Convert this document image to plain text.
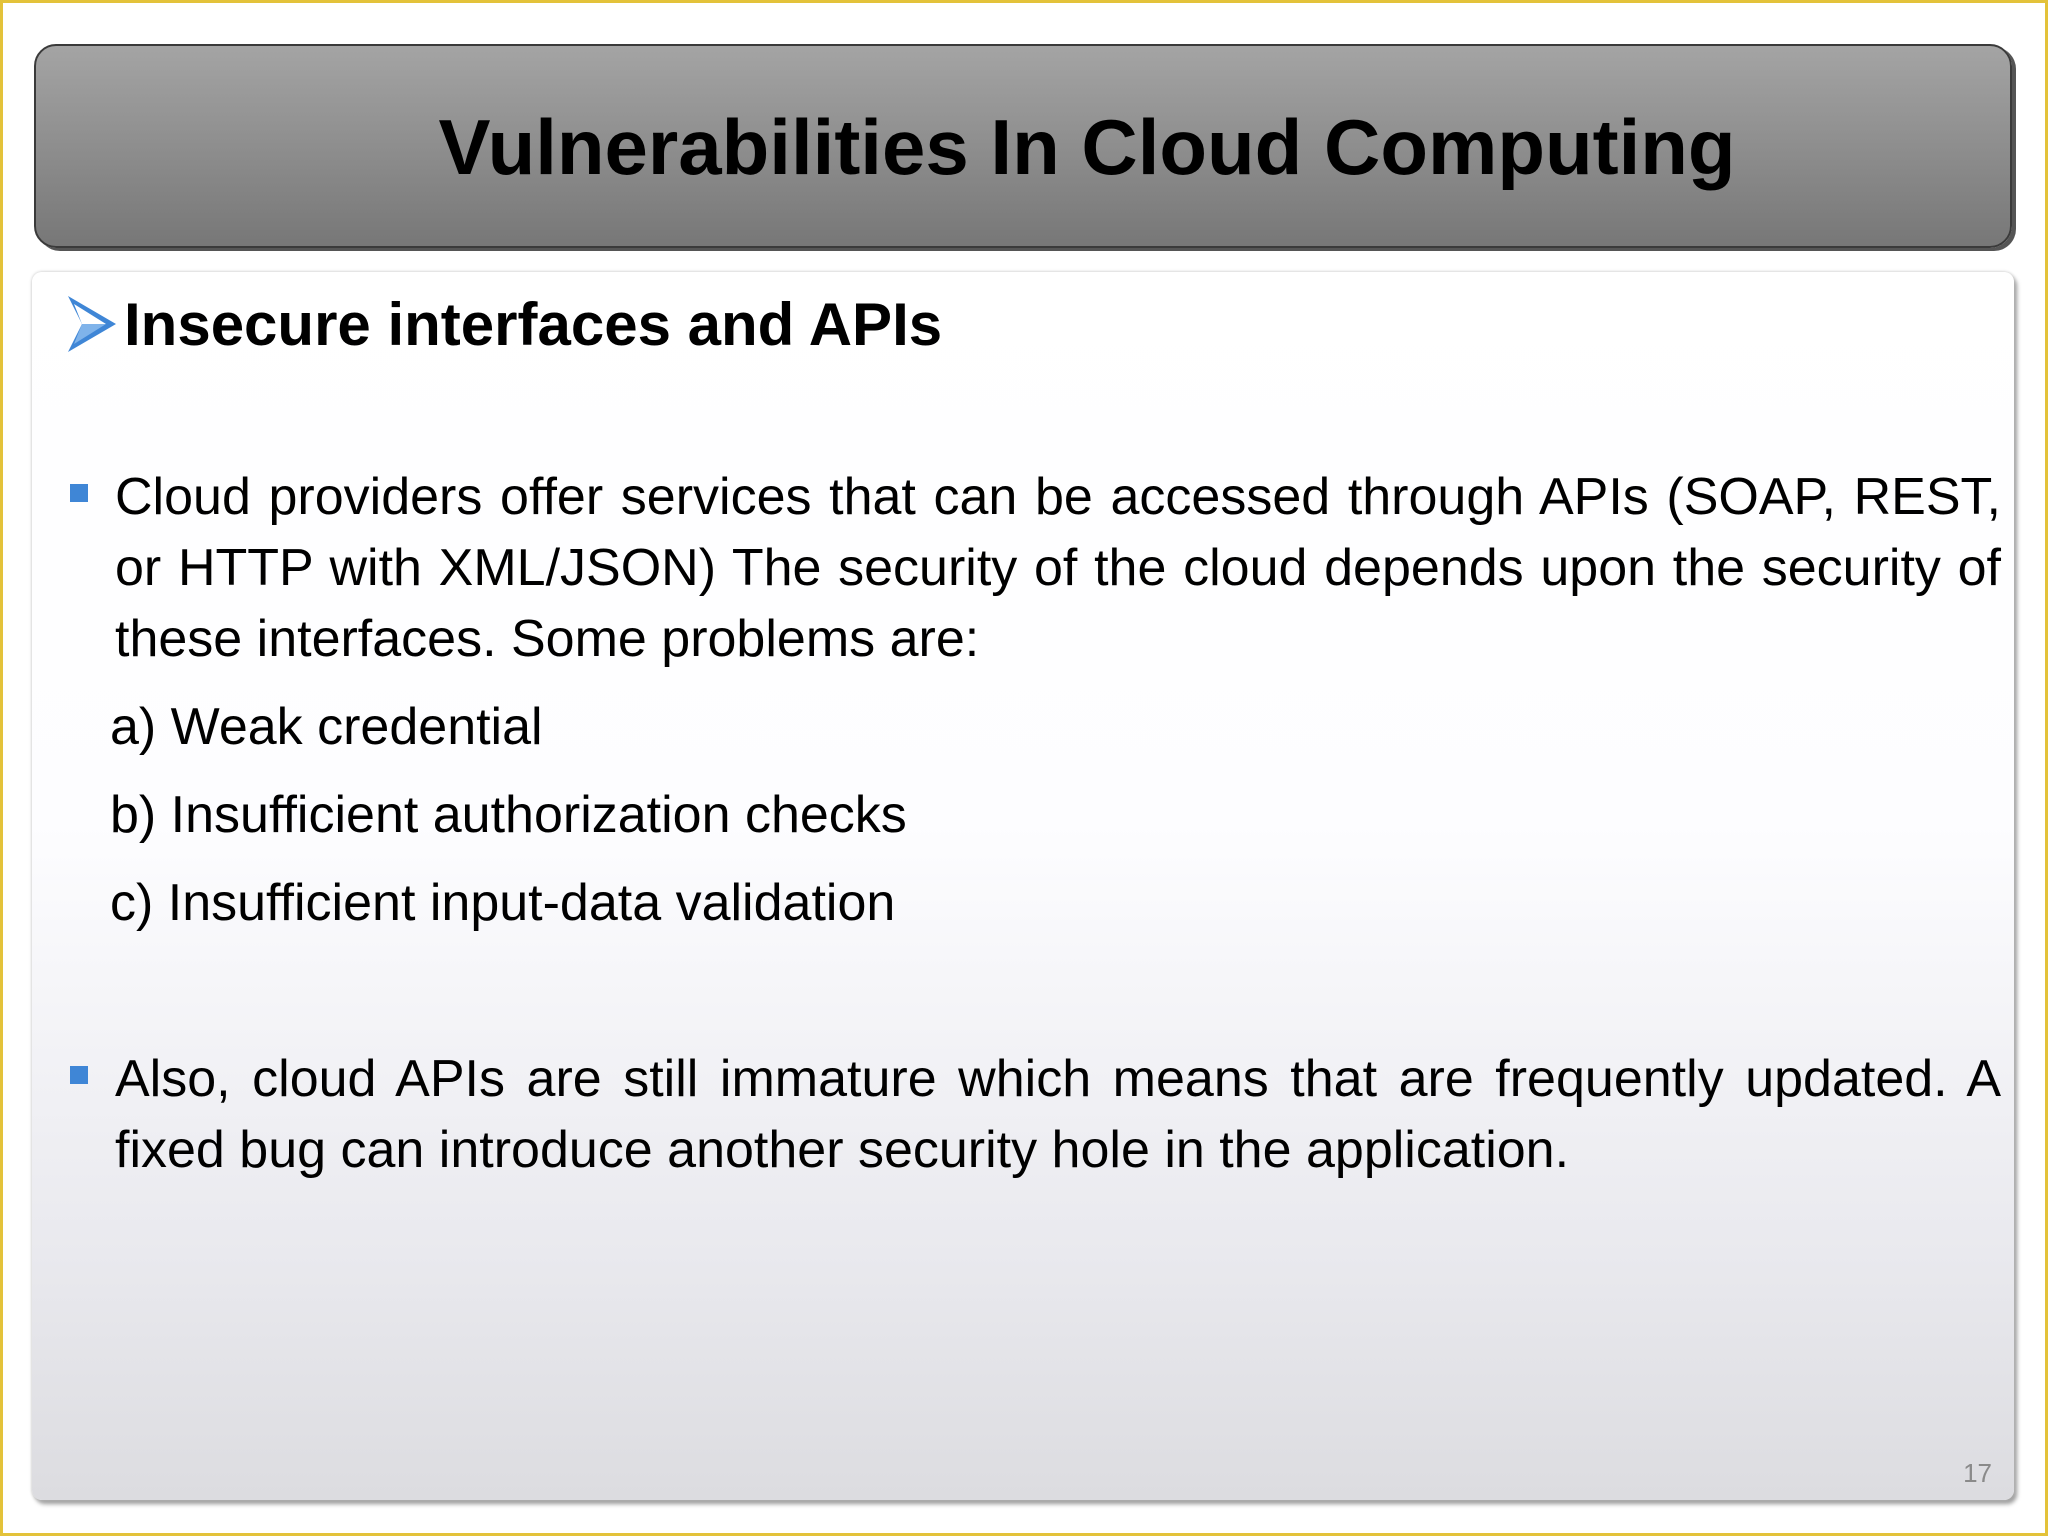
Vulnerabilities In Cloud Computing
Insecure interfaces and APIs

Cloud providers offer services that can be accessed through APIs (SOAP, REST, or HTTP with XML/JSON) The security of the cloud depends upon the security of these interfaces. Some problems are:

a) Weak credential
b) Insufficient authorization checks
c) Insufficient input-data validation

Also, cloud APIs are still immature which means that are frequently updated. A fixed bug can introduce another security hole in the application.

17
